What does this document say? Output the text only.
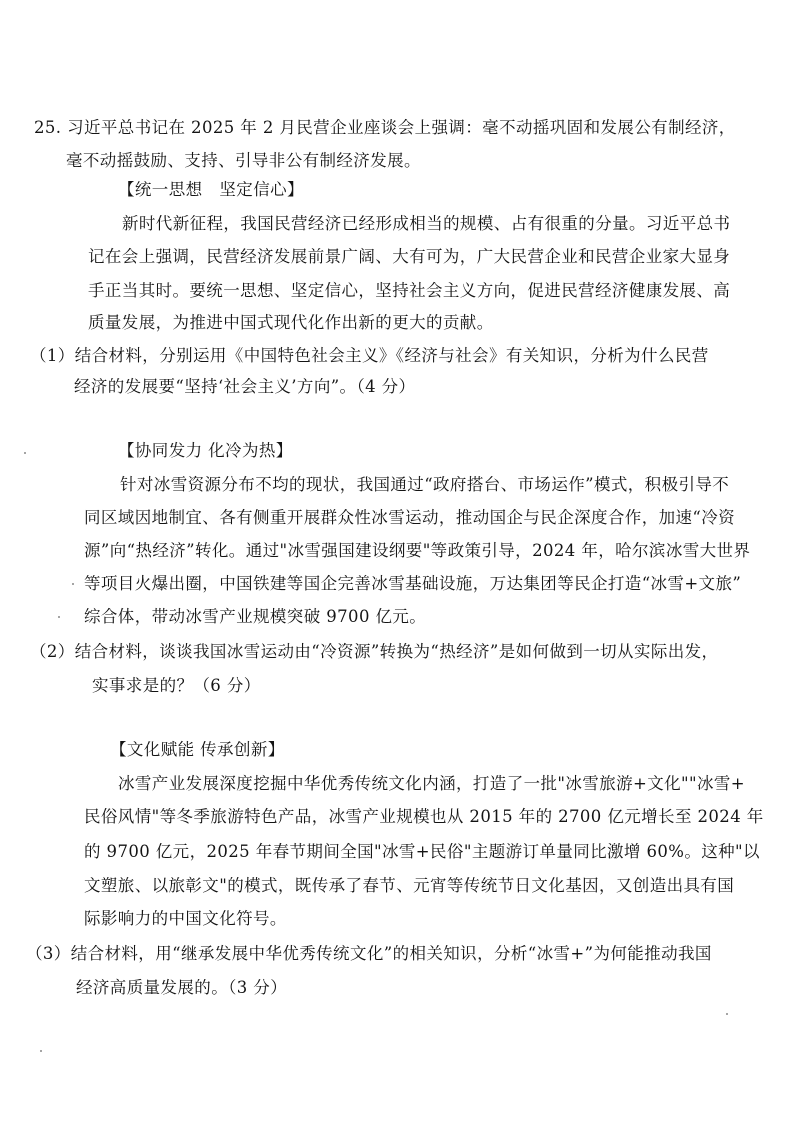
25. 习近平总书记在 2025 年 2 月民营企业座谈会上强调：毫不动摇巩固和发展公有制经济，
毫不动摇鼓励、支持、引导非公有制经济发展。
【统一思想　坚定信心】
新时代新征程，我国民营经济已经形成相当的规模、占有很重的分量。习近平总书
记在会上强调，民营经济发展前景广阔、大有可为，广大民营企业和民营企业家大显身
手正当其时。要统一思想、坚定信心，坚持社会主义方向，促进民营经济健康发展、高
质量发展，为推进中国式现代化作出新的更大的贡献。
（1）结合材料，分别运用《中国特色社会主义》《经济与社会》有关知识，分析为什么民营
经济的发展要“坚持‘社会主义’方向”。（4 分）
【协同发力 化冷为热】
针对冰雪资源分布不均的现状，我国通过“政府搭台、市场运作”模式，积极引导不
同区域因地制宜、各有侧重开展群众性冰雪运动，推动国企与民企深度合作，加速“冷资
源”向“热经济”转化。通过"冰雪强国建设纲要"等政策引导，2024 年，哈尔滨冰雪大世界
等项目火爆出圈，中国铁建等国企完善冰雪基础设施，万达集团等民企打造“冰雪+文旅”
综合体，带动冰雪产业规模突破 9700 亿元。
（2）结合材料，谈谈我国冰雪运动由“冷资源”转换为“热经济”是如何做到一切从实际出发，
实事求是的？（6 分）
【文化赋能 传承创新】
冰雪产业发展深度挖掘中华优秀传统文化内涵，打造了一批"冰雪旅游+文化""冰雪+
民俗风情"等冬季旅游特色产品，冰雪产业规模也从 2015 年的 2700 亿元增长至 2024 年
的 9700 亿元，2025 年春节期间全国"冰雪+民俗"主题游订单量同比激增 60%。这种"以
文塑旅、以旅彰文"的模式，既传承了春节、元宵等传统节日文化基因，又创造出具有国
际影响力的中国文化符号。
（3）结合材料，用“继承发展中华优秀传统文化”的相关知识，分析“冰雪+”为何能推动我国
经济高质量发展的。（3 分）
